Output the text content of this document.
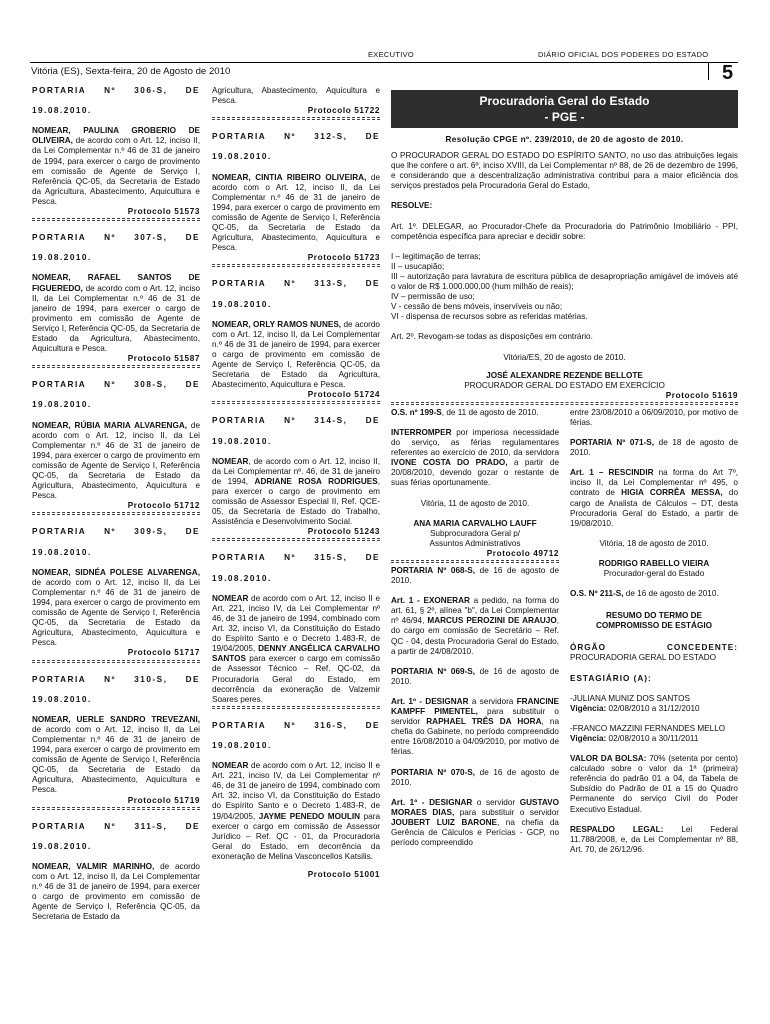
EXECUTIVO	DIÁRIO OFICIAL DOS PODERES DO ESTADO
Vitória (ES), Sexta-feira, 20 de Agosto de 2010	5

PORTARIA Nº 306-S, DE

19.08.2010.

NOMEAR, PAULINA GROBERIO DE OLIVEIRA, de acordo com o Art. 12, inciso II, da Lei Complementar n.º 46 de 31 de janeiro de 1994, para exercer o cargo de provimento em comissão de Agente de Serviço I, Referência QC-05, da Secretaria de Estado da Agricultura, Abastecimento, Aquicultura e Pesca.

Protocolo 51573

PORTARIA Nº 307-S, DE

19.08.2010.

NOMEAR, RAFAEL SANTOS DE FIGUEREDO, de acordo com o Art. 12, inciso II, da Lei Complementar n.º 46 de 31 de janeiro de 1994, para exercer o cargo de provimento em comissão de Agente de Serviço I, Referência QC-05, da Secretaria de Estado da Agricultura, Abastecimento, Aquicultura e Pesca.

Protocolo 51587

PORTARIA Nº 308-S, DE

19.08.2010.

NOMEAR, RÚBIA MARIA ALVARENGA, de acordo com o Art. 12, inciso II, da Lei Complementar n.º 46 de 31 de janeiro de 1994, para exercer o cargo de provimento em comissão de Agente de Serviço I, Referência QC-05, da Secretaria de Estado da Agricultura, Abastecimento, Aquicultura e Pesca.

Protocolo 51712

PORTARIA Nº 309-S, DE

19.08.2010.

NOMEAR, SIDNÉA POLESE ALVARENGA, de acordo com o Art. 12, inciso II, da Lei Complementar n.º 46 de 31 de janeiro de 1994, para exercer o cargo de provimento em comissão de Agente de Serviço I, Referência QC-05, da Secretaria de Estado da Agricultura, Abastecimento, Aquicultura e Pesca.

Protocolo 51717

PORTARIA Nº 310-S, DE

19.08.2010.

NOMEAR, UERLE SANDRO TREVEZANI, de acordo com o Art. 12, inciso II, da Lei Complementar n.º 46 de 31 de janeiro de 1994, para exercer o cargo de provimento em comissão de Agente de Serviço I, Referência QC-05, da Secretaria de Estado da Agricultura, Abastecimento, Aquicultura e Pesca.

Protocolo 51719

PORTARIA Nº 311-S, DE

19.08.2010.

NOMEAR, VALMIR MARINHO, de acordo com o Art. 12, inciso II, da Lei Complementar n.º 46 de 31 de janeiro de 1994, para exercer o cargo de provimento em comissão de Agente de Serviço I, Referência QC-05, da Secretaria de Estado da

Agricultura, Abastecimento, Aquicultura e Pesca.

Protocolo 51722

PORTARIA Nº 312-S, DE

19.08.2010.

NOMEAR, CINTIA RIBEIRO OLIVEIRA, de acordo com o Art. 12, inciso II, da Lei Complementar n.º 46 de 31 de janeiro de 1994, para exercer o cargo de provimento em comissão de Agente de Serviço I, Referência QC-05, da Secretaria de Estado da Agricultura, Abastecimento, Aquicultura e Pesca.

Protocolo 51723

PORTARIA Nº 313-S, DE

19.08.2010.

NOMEAR, ORLY RAMOS NUNES, de acordo com o Art. 12, inciso II, da Lei Complementar n.º 46 de 31 de janeiro de 1994, para exercer o cargo de provimento em comissão de Agente de Serviço I, Referência QC-05, da Secretaria de Estado da Agricultura, Abastecimento, Aquicultura e Pesca.

Protocolo 51724

PORTARIA Nº 314-S, DE

19.08.2010.

NOMEAR, de acordo com o Art. 12, inciso II, da Lei Complementar nº. 46, de 31 de janeiro de 1994, ADRIANE ROSA RODRIGUES, para exercer o cargo de provimento em comissão de Assessor Especial II, Ref. QCE-05, da Secretaria de Estado do Trabalho, Assistência e Desenvolvimento Social.

Protocolo 51243

PORTARIA Nº 315-S, DE

19.08.2010.

NOMEAR de acordo com o Art. 12, inciso II e Art. 221, inciso IV, da Lei Complementar nº 46, de 31 de janeiro de 1994, combinado com Art. 32, inciso VI, da Constituição do Estado do Espírito Santo e o Decreto 1.483-R, de 19/04/2005, DENNY ANGÉLICA CARVALHO SANTOS para exercer o cargo em comissão de Assessor Técnico – Ref. QC-02, da Procuradoria Geral do Estado, em decorrência da exoneração de Valzemir Soares peres.

PORTARIA Nº 316-S, DE

19.08.2010.

NOMEAR de acordo com o Art. 12, inciso II e Art. 221, inciso IV, da Lei Complementar nº 46, de 31 de janeiro de 1994, combinado com Art. 32, inciso VI, da Constituição do Estado do Espírito Santo e o Decreto 1.483-R, de 19/04/2005, JAYME PENEDO MOULIN para exercer o cargo em comissão de Assessor Jurídico – Ref. QC - 01, da Procuradoria Geral do Estado, em decorrência da exoneração de Melina Vasconcellos Katsilis.

Protocolo 51001

Procuradoria Geral do Estado
- PGE -

Resolução CPGE nº. 239/2010, de 20 de agosto de 2010.

O PROCURADOR GERAL DO ESTADO DO ESPÍRITO SANTO, no uso das atribuições legais que lhe confere o art. 6º, inciso XVIII, da Lei Complementar nº 88, de 26 de dezembro de 1996, e considerando que a descentralização administrativa contribui para a maior eficiência dos serviços prestados pela Procuradoria Geral do Estado,

RESOLVE:

Art. 1º. DELEGAR, ao Procurador-Chefe da Procuradoria do Patrimônio Imobiliário - PPI, competência específica para apreciar e decidir sobre:

I – legitimação de terras;

II – usucapião;

III – autorização para lavratura de escritura pública de desapropriação amigável de imóveis até o valor de R$ 1.000.000,00 (hum milhão de reais);

IV – permissão de uso;

V - cessão de bens móveis, inservíveis ou não;

VI - dispensa de recursos sobre as referidas matérias.

Art. 2º. Revogam-se todas as disposições em contrário.

Vitória/ES, 20 de agosto de 2010.

JOSÉ ALEXANDRE REZENDE BELLOTE

PROCURADOR GERAL DO ESTADO EM EXERCÍCIO

Protocolo 51619

O.S. nº 199-S, de 11 de agosto de 2010.

INTERROMPER por imperiosa necessidade do serviço, as férias regulamentares referentes ao exercício de 2010, da servidora IVONE COSTA DO PRADO, a partir de 20/08/2010, devendo gozar o restante de suas férias oportunamente.

Vitória, 11 de agosto de 2010.

ANA MARIA CARVALHO LAUFF

Subprocuradora Geral p/

Assuntos Administrativos

Protocolo 49712

PORTARIA Nº 068-S, de 16 de agosto de 2010.

Art. 1 - EXONERAR a pedido, na forma do art. 61, § 2º, alínea "b", da Lei Complementar nº 46/94, MARCUS PEROZINI DE ARAUJO, do cargo em comissão de Secretário – Ref. QC - 04, desta Procuradoria Geral do Estado, a partir de 24/08/2010.

PORTARIA Nº 069-S, de 16 de agosto de 2010.

Art. 1º - DESIGNAR a servidora FRANCINE KAMPFF PIMENTEL, para substituir o servidor RAPHAEL TRÊS DA HORA, na chefia do Gabinete, no período compreendido entre 16/08/2010 a 04/09/2010, por motivo de férias.

PORTARIA Nº 070-S, de 16 de agosto de 2010.

Art. 1º - DESIGNAR o servidor GUSTAVO MORAES DIAS, para substituir o servidor JOUBERT LUIZ BARONE, na chefia da Gerência de Cálculos e Perícias - GCP, no período compreendido

entre 23/08/2010 a 06/09/2010, por motivo de férias.

PORTARIA Nº 071-S, de 18 de agosto de 2010.

Art. 1 – RESCINDIR na forma do Art 7º, inciso II, da Lei Complementar nº 495, o contrato de HIGIA CORRÊA MESSA, do cargo de Analista de Cálculos – DT, desta Procuradoria Geral do Estado, a partir de 19/08/2010.

Vitória, 18 de agosto de 2010.

RODRIGO RABELLO VIEIRA

Procurador-geral do Estado

O.S. Nº 211-S, de 16 de agosto de 2010.

RESUMO DO TERMO DE

COMPROMISSO DE ESTÁGIO

ÓRGÃO	CONCEDENTE:

PROCURADORIA GERAL DO ESTADO

ESTAGIÁRIO (A):

-JULIANA MUNIZ DOS SANTOS

Vigência: 02/08/2010 a 31/12/2010

-FRANCO MAZZINI FERNANDES MELLO

Vigência: 02/08/2010 a 30/11/2011

VALOR DA BOLSA: 70% (setenta por cento) calculado sobre o valor da 1ª (primeira) referência do padrão 01 a 04, da Tabela de Subsídio do Padrão de 01 a 15 do Quadro Permanente do serviço Civil do Poder Executivo Estadual.

RESPALDO LEGAL: Lei Federal 11.788/2008, e, da Lei Complementar nº 88, Art. 70, de 26/12/96.
